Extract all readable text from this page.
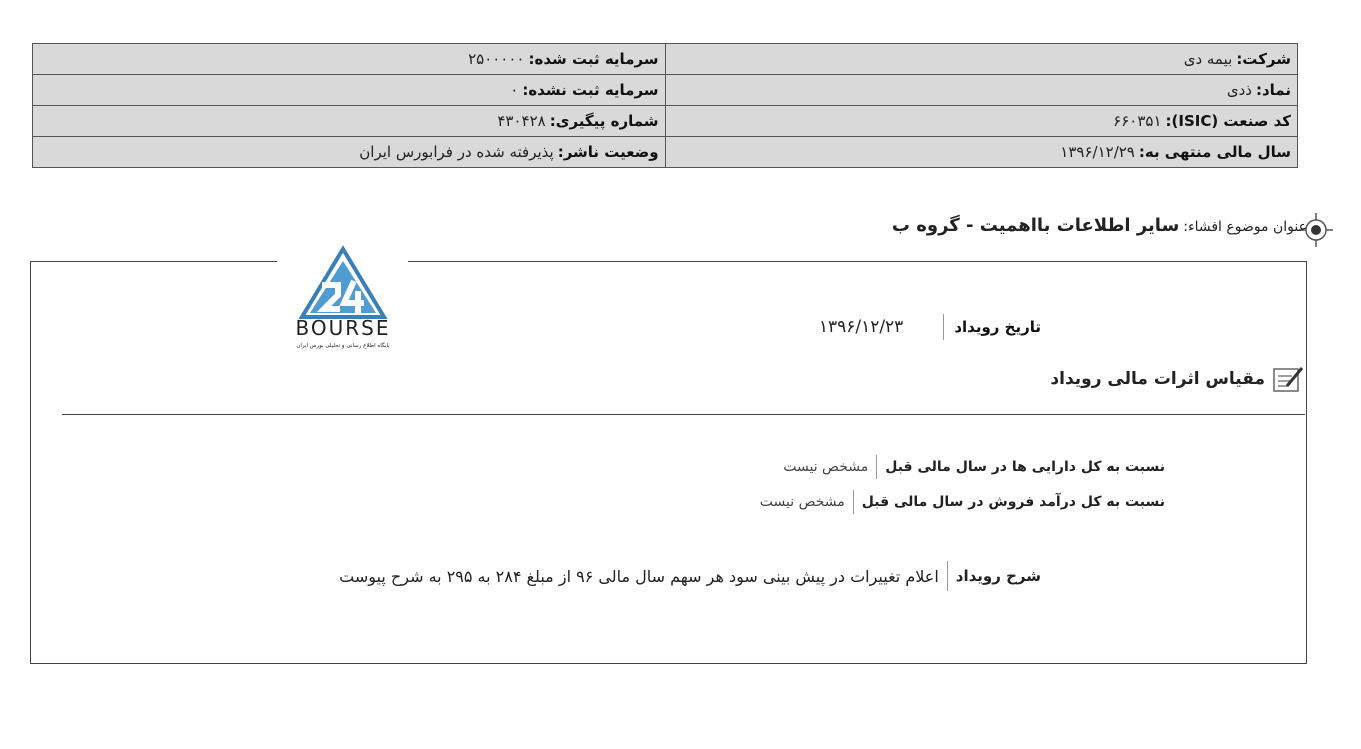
شرکت:بیمه دی	سرمایه ثبت شده:۲۵۰۰۰۰۰
نماد:ذدی	سرمایه ثبت نشده:۰
کد صنعت (ISIC):۶۶۰۳۵۱	شماره پیگیری:۴۳۰۴۲۸
سال مالی منتهی به:۱۳۹۶/۱۲/۲۹	وضعیت ناشر:پذیرفته شده در فرابورس ایران
عنوان موضوع افشاء:سایر اطلاعات بااهمیت - گروه ب
BOURSE
پایگاه اطلاع رسانی و تحلیلی بورس ایران
تاریخ رویداد
۱۳۹۶/۱۲/۲۳
مقیاس اثرات مالی رویداد
نسبت به کل دارایی ها در سال مالی قبل
مشخص نیست
نسبت به کل درآمد فروش در سال مالی قبل
مشخص نیست
شرح رویداد
اعلام تغییرات در پیش بینی سود هر سهم سال مالی ۹۶ از مبلغ ۲۸۴ به ۲۹۵ به شرح پیوست
